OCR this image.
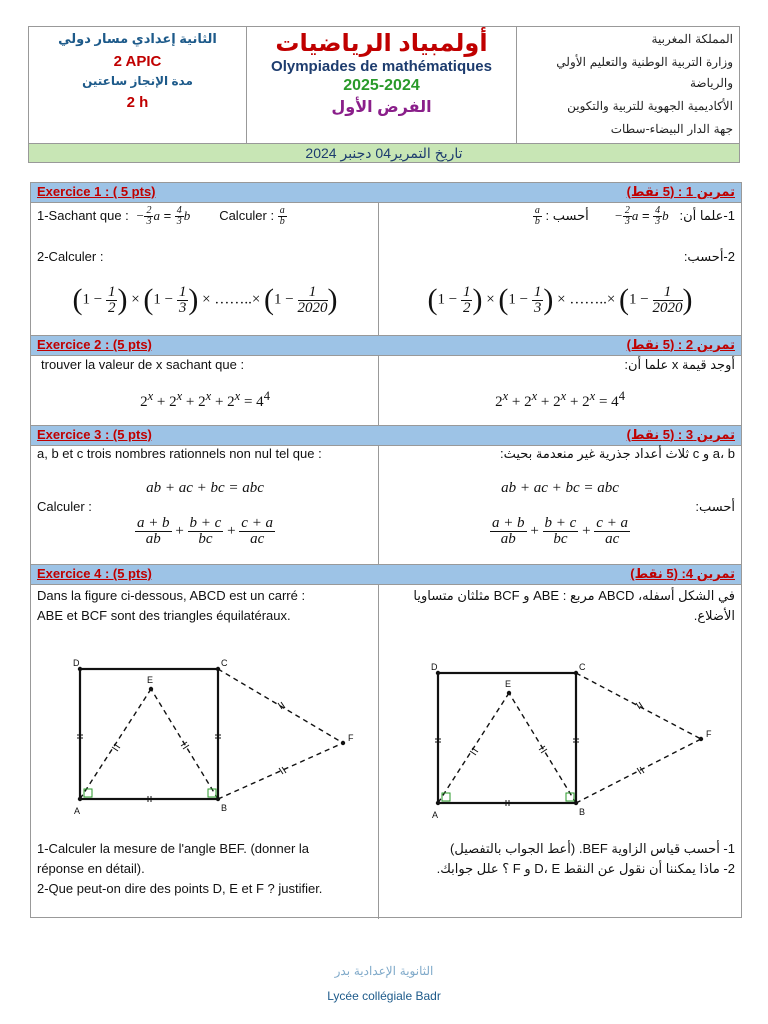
الثانية إعدادي مسار دولي
2 APIC
مدة الإنجاز ساعتين
2 h
أولمبياد الرياضيات
Olympiades de mathématiques
2025-2024
الفرض الأول
المملكة المغربية
وزارة التربية الوطنية والتعليم الأولي والرياضة
الأكاديمية الجهوية للتربية والتكوين
جهة الدار البيضاء-سطات
تاريخ التمرير04 دجنبر 2024
Exercice 1 : ( 5 pts)	تمرين 1 : (5 نقط)
1-Sachant que :  − $\frac{2}{3}$ $a = \frac{4}{3}$ b Calculer : $\frac{a}{b}$	1-علما أن:   − $\frac{2}{3}$ $a = \frac{4}{3}$ b       أحسب :
$\frac{a}{b}$
2-Calculer :	2-أحسب:
($1 - \frac{1}{2}$ ) × ($1 - \frac{1}{3}$ ) × ……..× ($1 - \frac{1}{2020}$ )	($1 - \frac{1}{2}$ ) × ($1 - \frac{1}{3}$ ) × ……..× ($1 - \frac{1}{2020}$ )
Exercice 2 : (5 pts)	تمرين 2 : (5 نقط)
trouver la valeur de x sachant que :	أوجد قيمة x علما أن:
$2^x + 2^x + 2^x + 2^x = 4^4$	$2^x + 2^x + 2^x + 2^x = 4^4$
Exercice 3 : (5 pts)	تمرين 3 : (5 نقط)
a, b et c trois nombres rationnels non nul tel que :	a، b و c ثلاث أعداد جذرية غير منعدمة بحيث:
ab + ac + bc = abc	ab + ac + bc = abc
Calculer :	أحسب:
$\frac{a + b}{ab} + \frac{b + c}{bc} + \frac{c + a}{ac}$	$\frac{a + b}{ab} + \frac{b + c}{bc} + \frac{c + a}{ac}$
Exercice 4 : (5 pts)	تمرين 4: (5 نقط)
Dans la figure ci-dessous, ABCD est un carré :
ABE et BCF sont des triangles équilatéraux.
في الشكل أسفله، ABCD مربع : ABE و BCF مثلثان متساويا
الأضلاع.
A	B
C
D
E
F
A	B
C
D
E
F
1-Calculer la mesure de l'angle BEF. (donner la
réponse en détail).
2-Que peut-on dire des points D, E et F ? justifier.
1- أحسب قياس الزاوية BEF. (أعط الجواب بالتفصيل)
2- ماذا يمكننا أن نقول عن النقط D، E و F ؟ علل جوابك.
الثانوية الإعدادية بدر
Lycée collégiale Badr
